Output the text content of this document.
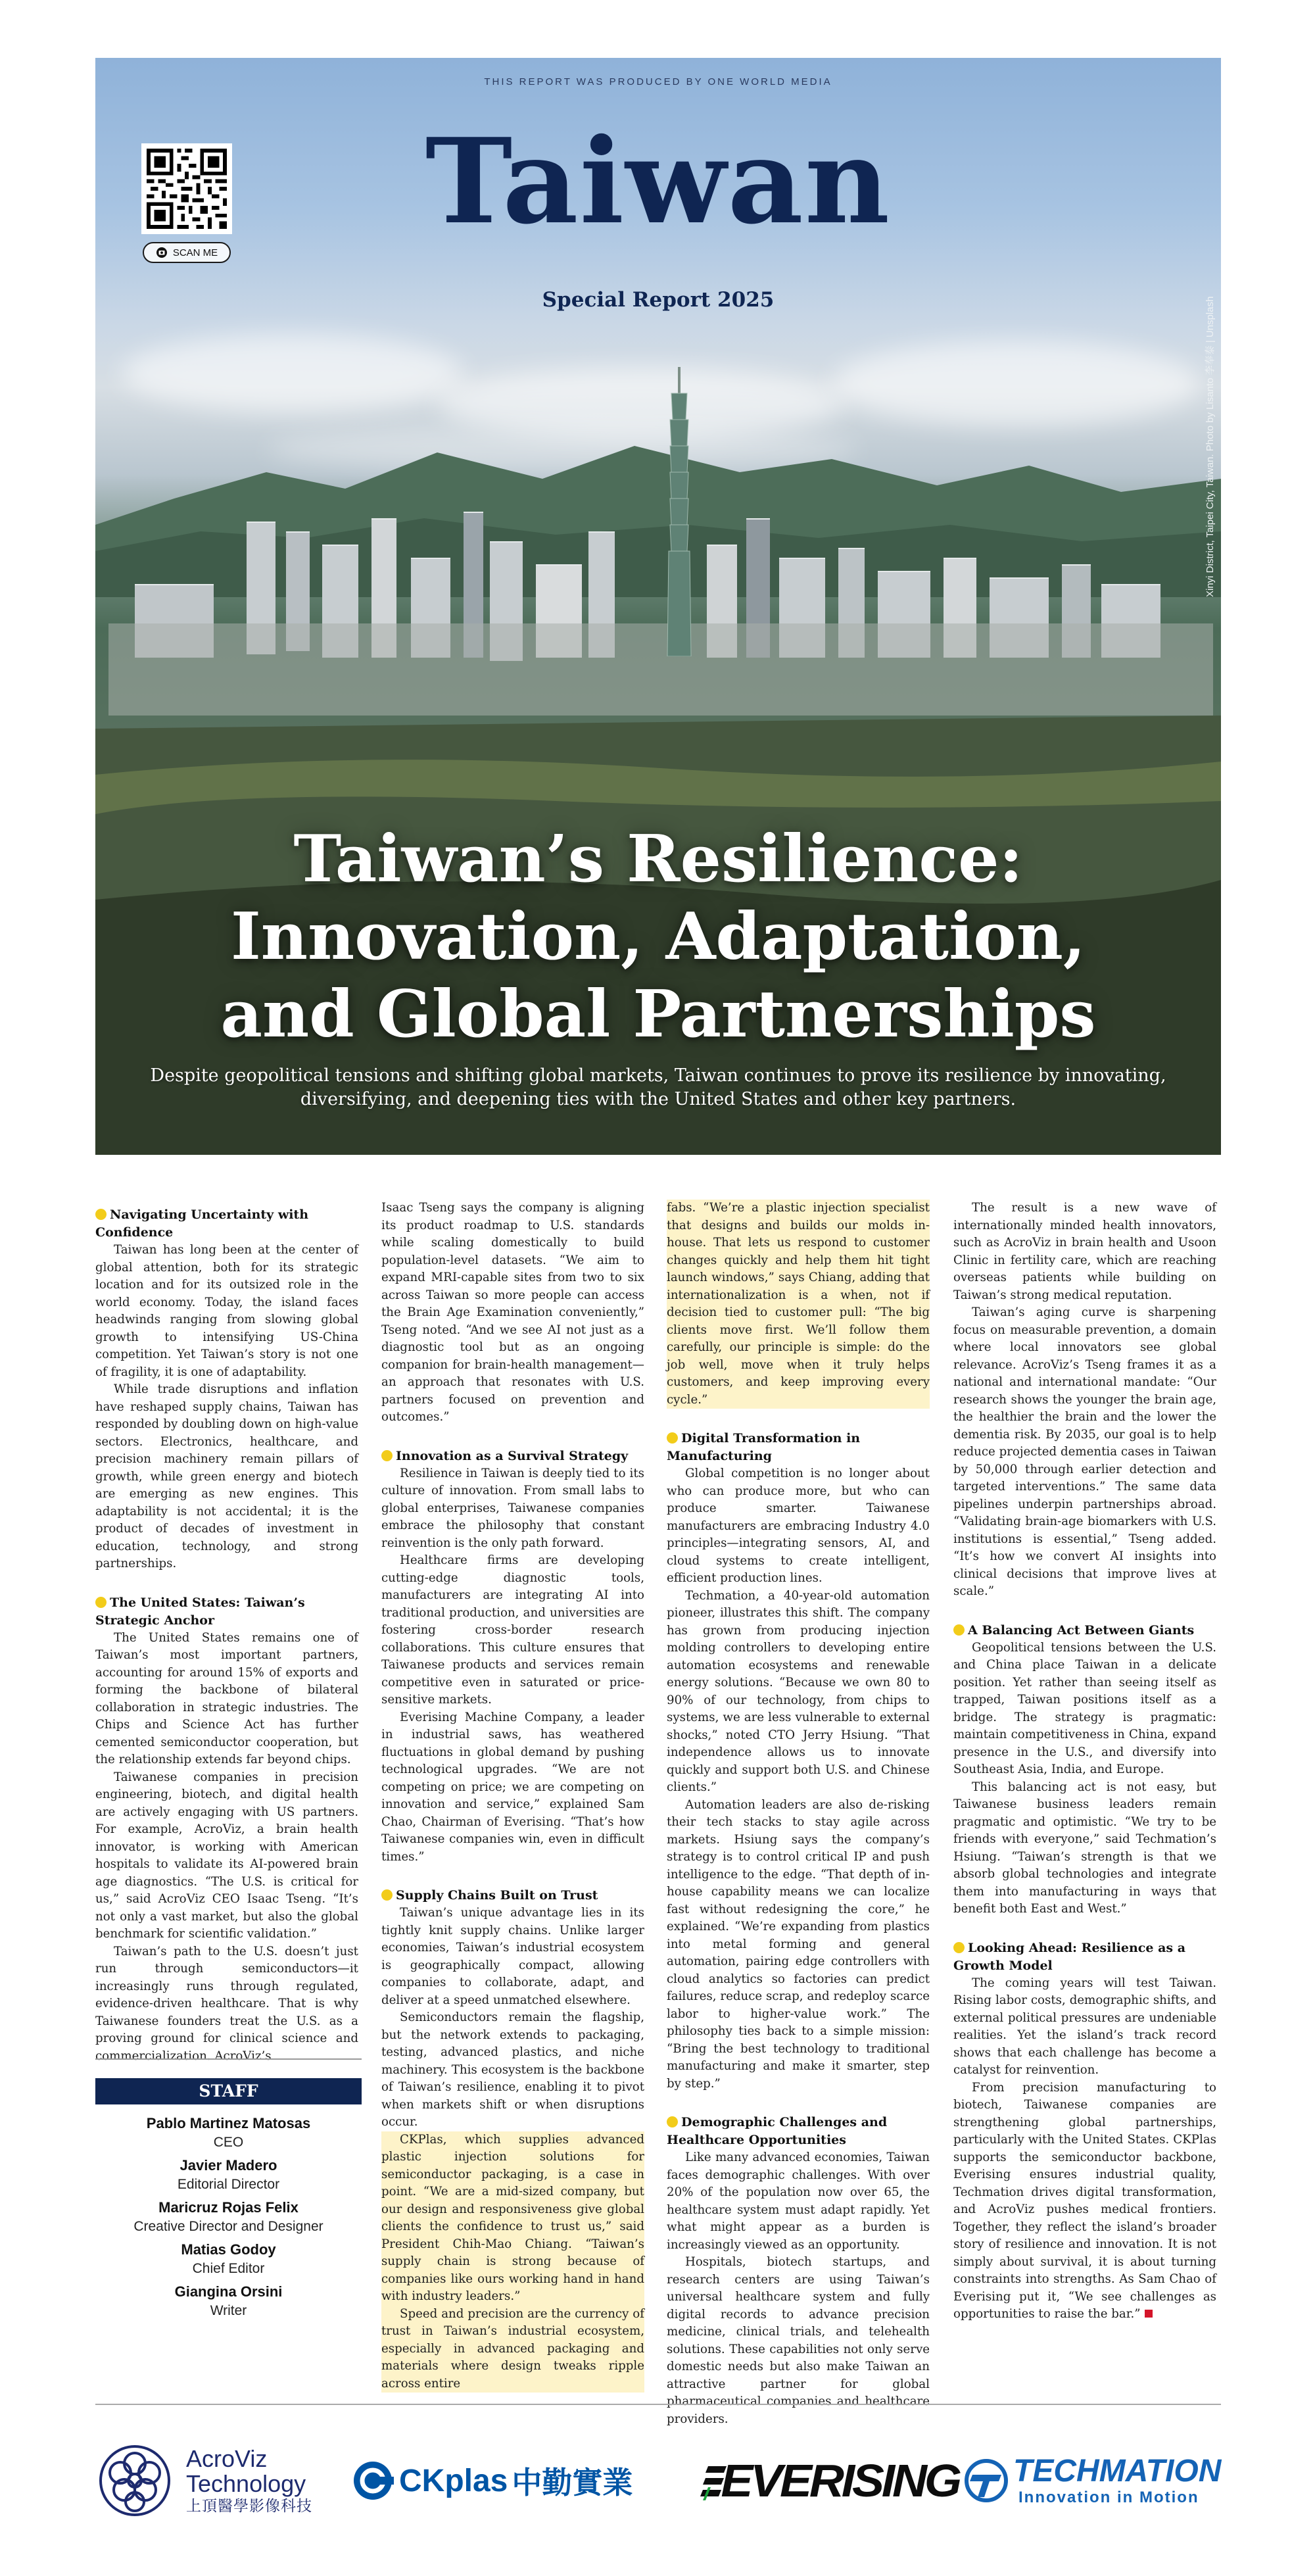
THIS REPORT WAS PRODUCED BY ONE WORLD MEDIA
Taiwan
Special Report 2025
SCAN ME
Xinyi District, Taipei City, Taiwan. Photo by Lisanto 李奉泰 | Unsplash
Taiwan’s Resilience:
Innovation, Adaptation,
and Global Partnerships
Despite geopolitical tensions and shifting global markets, Taiwan continues to prove its resilience by innovating, diversifying, and deepening ties with the United States and other key partners.
Navigating Uncertainty with Confidence

Taiwan has long been at the center of global attention, both for its strategic location and for its outsized role in the world economy. Today, the island faces headwinds ranging from slowing global growth to intensifying US-China competition. Yet Taiwan’s story is not one of fragility, it is one of adaptability.

While trade disruptions and inflation have reshaped supply chains, Taiwan has responded by doubling down on high-value sectors. Electronics, healthcare, and precision machinery remain pillars of growth, while green energy and biotech are emerging as new engines. This adaptability is not accidental; it is the product of decades of investment in education, technology, and strong partnerships.

The United States: Taiwan’s Strategic Anchor

The United States remains one of Taiwan’s most important partners, accounting for around 15% of exports and forming the backbone of bilateral collaboration in strategic industries. The Chips and Science Act has further cemented semiconductor cooperation, but the relationship extends far beyond chips.

Taiwanese companies in precision engineering, biotech, and digital health are actively engaging with US partners. For example, AcroViz, a brain health innovator, is working with American hospitals to validate its AI-powered brain age diagnostics. “The U.S. is critical for us,” said AcroViz CEO Isaac Tseng. “It’s not only a vast market, but also the global benchmark for scientific validation.”

Taiwan’s path to the U.S. doesn’t just run through semiconductors—it increasingly runs through regulated, evidence-driven healthcare. That is why Taiwanese founders treat the U.S. as a proving ground for clinical science and commercialization. AcroViz’s

STAFF
Pablo Martinez Matosas
CEO
Javier Madero
Editorial Director
Maricruz Rojas Felix
Creative Director and Designer
Matias Godoy
Chief Editor
Giangina Orsini
Writer

Isaac Tseng says the company is aligning its product roadmap to U.S. standards while scaling domestically to build population-level datasets. “We aim to expand MRI-capable sites from two to six across Taiwan so more people can access the Brain Age Examination conveniently,” Tseng noted. “And we see AI not just as a diagnostic tool but as an ongoing companion for brain-health management—an approach that resonates with U.S. partners focused on prevention and outcomes.”

Innovation as a Survival Strategy

Resilience in Taiwan is deeply tied to its culture of innovation. From small labs to global enterprises, Taiwanese companies embrace the philosophy that constant reinvention is the only path forward.

Healthcare firms are developing cutting-edge diagnostic tools, manufacturers are integrating AI into traditional production, and universities are fostering cross-border research collaborations. This culture ensures that Taiwanese products and services remain competitive even in saturated or price-sensitive markets.

Everising Machine Company, a leader in industrial saws, has weathered fluctuations in global demand by pushing technological upgrades. “We are not competing on price; we are competing on innovation and service,” explained Sam Chao, Chairman of Everising. “That’s how Taiwanese companies win, even in difficult times.”

Supply Chains Built on Trust

Taiwan’s unique advantage lies in its tightly knit supply chains. Unlike larger economies, Taiwan’s industrial ecosystem is geographically compact, allowing companies to collaborate, adapt, and deliver at a speed unmatched elsewhere.

Semiconductors remain the flagship, but the network extends to packaging, testing, advanced plastics, and niche machinery. This ecosystem is the backbone of Taiwan’s resilience, enabling it to pivot when markets shift or when disruptions occur.

CKPlas, which supplies advanced plastic injection solutions for semiconductor packaging, is a case in point. “We are a mid-sized company, but our design and responsiveness give global clients the confidence to trust us,” said President Chih-Mao Chiang. “Taiwan’s supply chain is strong because of companies like ours working hand in hand with industry leaders.”

Speed and precision are the currency of trust in Taiwan’s industrial ecosystem, especially in advanced packaging and materials where design tweaks ripple across entire

fabs. “We’re a plastic injection specialist that designs and builds our molds in-house. That lets us respond to customer changes quickly and help them hit tight launch windows,” says Chiang, adding that internationalization is a when, not if decision tied to customer pull: “The big clients move first. We’ll follow them carefully, our principle is simple: do the job well, move when it truly helps customers, and keep improving every cycle.”

Digital Transformation in Manufacturing

Global competition is no longer about who can produce more, but who can produce smarter. Taiwanese manufacturers are embracing Industry 4.0 principles—integrating sensors, AI, and cloud systems to create intelligent, efficient production lines.

Techmation, a 40-year-old automation pioneer, illustrates this shift. The company has grown from producing injection molding controllers to developing entire automation ecosystems and renewable energy solutions. “Because we own 80 to 90% of our technology, from chips to systems, we are less vulnerable to external shocks,” noted CTO Jerry Hsiung. “That independence allows us to innovate quickly and support both U.S. and Chinese clients.”

Automation leaders are also de-risking their tech stacks to stay agile across markets. Hsiung says the company’s strategy is to control critical IP and push intelligence to the edge. “That depth of in-house capability means we can localize fast without redesigning the core,” he explained. “We’re expanding from plastics into metal forming and general automation, pairing edge controllers with cloud analytics so factories can predict failures, reduce scrap, and redeploy scarce labor to higher-value work.” The philosophy ties back to a simple mission: “Bring the best technology to traditional manufacturing and make it smarter, step by step.”

Demographic Challenges and Healthcare Opportunities

Like many advanced economies, Taiwan faces demographic challenges. With over 20% of the population now over 65, the healthcare system must adapt rapidly. Yet what might appear as a burden is increasingly viewed as an opportunity.

Hospitals, biotech startups, and research centers are using Taiwan’s universal healthcare system and fully digital records to advance precision medicine, clinical trials, and telehealth solutions. These capabilities not only serve domestic needs but also make Taiwan an attractive partner for global pharmaceutical companies and healthcare providers.

The result is a new wave of internationally minded health innovators, such as AcroViz in brain health and Usoon Clinic in fertility care, which are reaching overseas patients while building on Taiwan’s strong medical reputation.

Taiwan’s aging curve is sharpening focus on measurable prevention, a domain where local innovators see global relevance. AcroViz’s Tseng frames it as a national and international mandate: “Our research shows the younger the brain age, the healthier the brain and the lower the dementia risk. By 2035, our goal is to help reduce projected dementia cases in Taiwan by 50,000 through earlier detection and targeted interventions.” The same data pipelines underpin partnerships abroad. “Validating brain-age biomarkers with U.S. institutions is essential,” Tseng added. “It’s how we convert AI insights into clinical decisions that improve lives at scale.”

A Balancing Act Between Giants

Geopolitical tensions between the U.S. and China place Taiwan in a delicate position. Yet rather than seeing itself as trapped, Taiwan positions itself as a bridge. The strategy is pragmatic: maintain competitiveness in China, expand presence in the U.S., and diversify into Southeast Asia, India, and Europe.

This balancing act is not easy, but Taiwanese business leaders remain pragmatic and optimistic. “We try to be friends with everyone,” said Techmation’s Hsiung. “Taiwan’s strength is that we absorb global technologies and integrate them into manufacturing in ways that benefit both East and West.”

Looking Ahead: Resilience as a Growth Model

The coming years will test Taiwan. Rising labor costs, demographic shifts, and external political pressures are undeniable realities. Yet the island’s track record shows that each challenge has become a catalyst for reinvention.

From precision manufacturing to biotech, Taiwanese companies are strengthening global partnerships, particularly with the United States. CKPlas supports the semiconductor backbone, Everising ensures industrial quality, Techmation drives digital transformation, and AcroViz pushes medical frontiers. Together, they reflect the island’s broader story of resilience and innovation. It is not simply about survival, it is about turning constraints into strengths. As Sam Chao of Everising put it, “We see challenges as opportunities to raise the bar.”

AcroViz
Technology
上頂醫學影像科技
CKplas 中勤實業 EVERISING TECHMATION
Innovation in Motion
